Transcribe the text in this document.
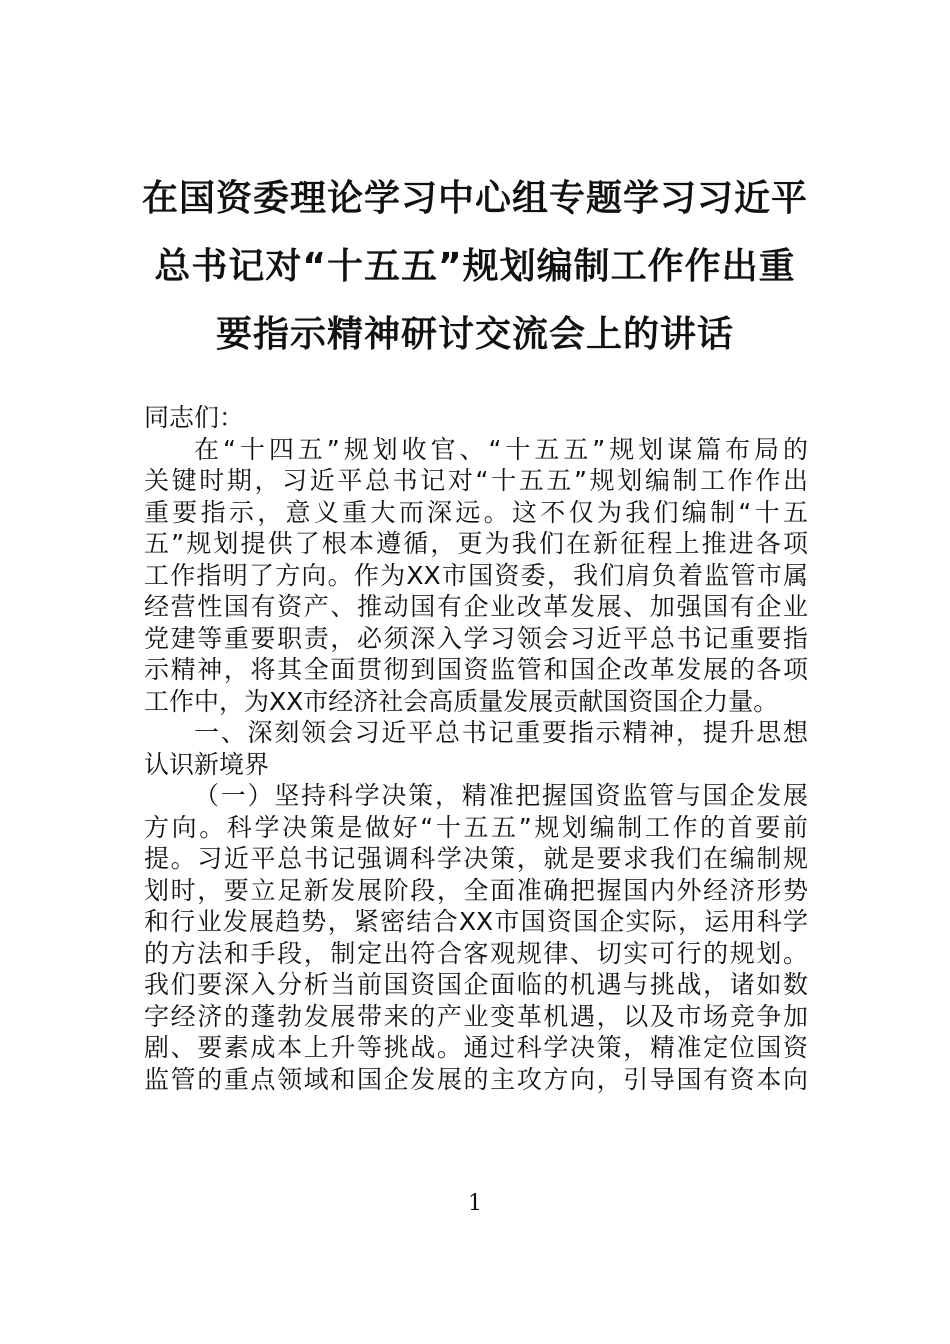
在国资委理论学习中心组专题学习习近平
总书记对“十五五”规划编制工作作出重
要指示精神研讨交流会上的讲话
同志们：
在“十四五”规划收官、“十五五”规划谋篇布局的
关键时期，习近平总书记对“十五五”规划编制工作作出
重要指示，意义重大而深远。这不仅为我们编制“十五
五”规划提供了根本遵循，更为我们在新征程上推进各项
工作指明了方向。作为XX市国资委，我们肩负着监管市属
经营性国有资产、推动国有企业改革发展、加强国有企业
党建等重要职责，必须深入学习领会习近平总书记重要指
示精神，将其全面贯彻到国资监管和国企改革发展的各项
工作中，为XX市经济社会高质量发展贡献国资国企力量。
一、深刻领会习近平总书记重要指示精神，提升思想
认识新境界
（一）坚持科学决策，精准把握国资监管与国企发展
方向。科学决策是做好“十五五”规划编制工作的首要前
提。习近平总书记强调科学决策，就是要求我们在编制规
划时，要立足新发展阶段，全面准确把握国内外经济形势
和行业发展趋势，紧密结合XX市国资国企实际，运用科学
的方法和手段，制定出符合客观规律、切实可行的规划。
我们要深入分析当前国资国企面临的机遇与挑战，诸如数
字经济的蓬勃发展带来的产业变革机遇，以及市场竞争加
剧、要素成本上升等挑战。通过科学决策，精准定位国资
监管的重点领域和国企发展的主攻方向，引导国有资本向
1
